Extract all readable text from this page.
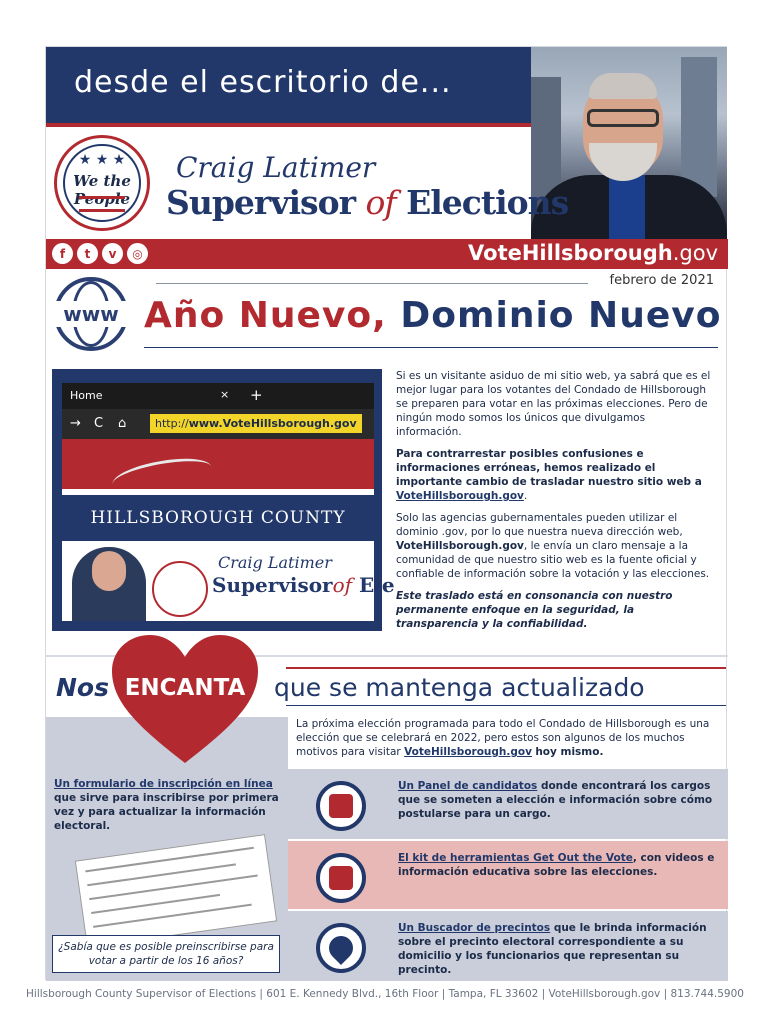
desde el escritorio de...
★ ★ ★
We the People
Craig Latimer
Supervisor of Elections
f	t	v	◎	VoteHillsborough.gov
febrero de 2021
www Año Nuevo, Dominio Nuevo
Home	× +
→ C ⌂	http://www.VoteHillsborough.gov
HILLSBOROUGH COUNTY
Craig Latimer
Supervisorof Ele

Si es un visitante asiduo de mi sitio web, ya sabrá que es el mejor lugar para los votantes del Condado de Hillsborough se preparen para votar en las próximas elecciones. Pero de ningún modo somos los únicos que divulgamos información.

Para contrarrestar posibles confusiones e informaciones erróneas, hemos realizado el importante cambio de trasladar nuestro sitio web a VoteHillsborough.gov.

Solo las agencias gubernamentales pueden utilizar el dominio .gov, por lo que nuestra nueva dirección web, VoteHillsborough.gov, le envía un claro mensaje a la comunidad de que nuestro sitio web es la fuente oficial y confiable de información sobre la votación y las elecciones.

Este traslado está en consonancia con nuestro permanente enfoque en la seguridad, la transparencia y la confiabilidad.

Nos	que se mantenga actualizado
ENCANTA
La próxima elección programada para todo el Condado de Hillsborough es una elección que se celebrará en 2022, pero estos son algunos de los muchos motivos para visitar VoteHillsborough.gov hoy mismo.
Un formulario de inscripción en línea
que sirve para inscribirse por primera vez y para actualizar la información electoral.
¿Sabía que es posible preinscribirse para votar a partir de los 16 años?
Un Panel de candidatos donde encontrará los cargos que se someten a elección e información sobre cómo postularse para un cargo.
El kit de herramientas Get Out the Vote, con videos e información educativa sobre las elecciones.
Un Buscador de precintos que le brinda información sobre el precinto electoral correspondiente a su domicilio y los funcionarios que representan su precinto.
Hillsborough County Supervisor of Elections | 601 E. Kennedy Blvd., 16th Floor | Tampa, FL 33602 | VoteHillsborough.gov | 813.744.5900
